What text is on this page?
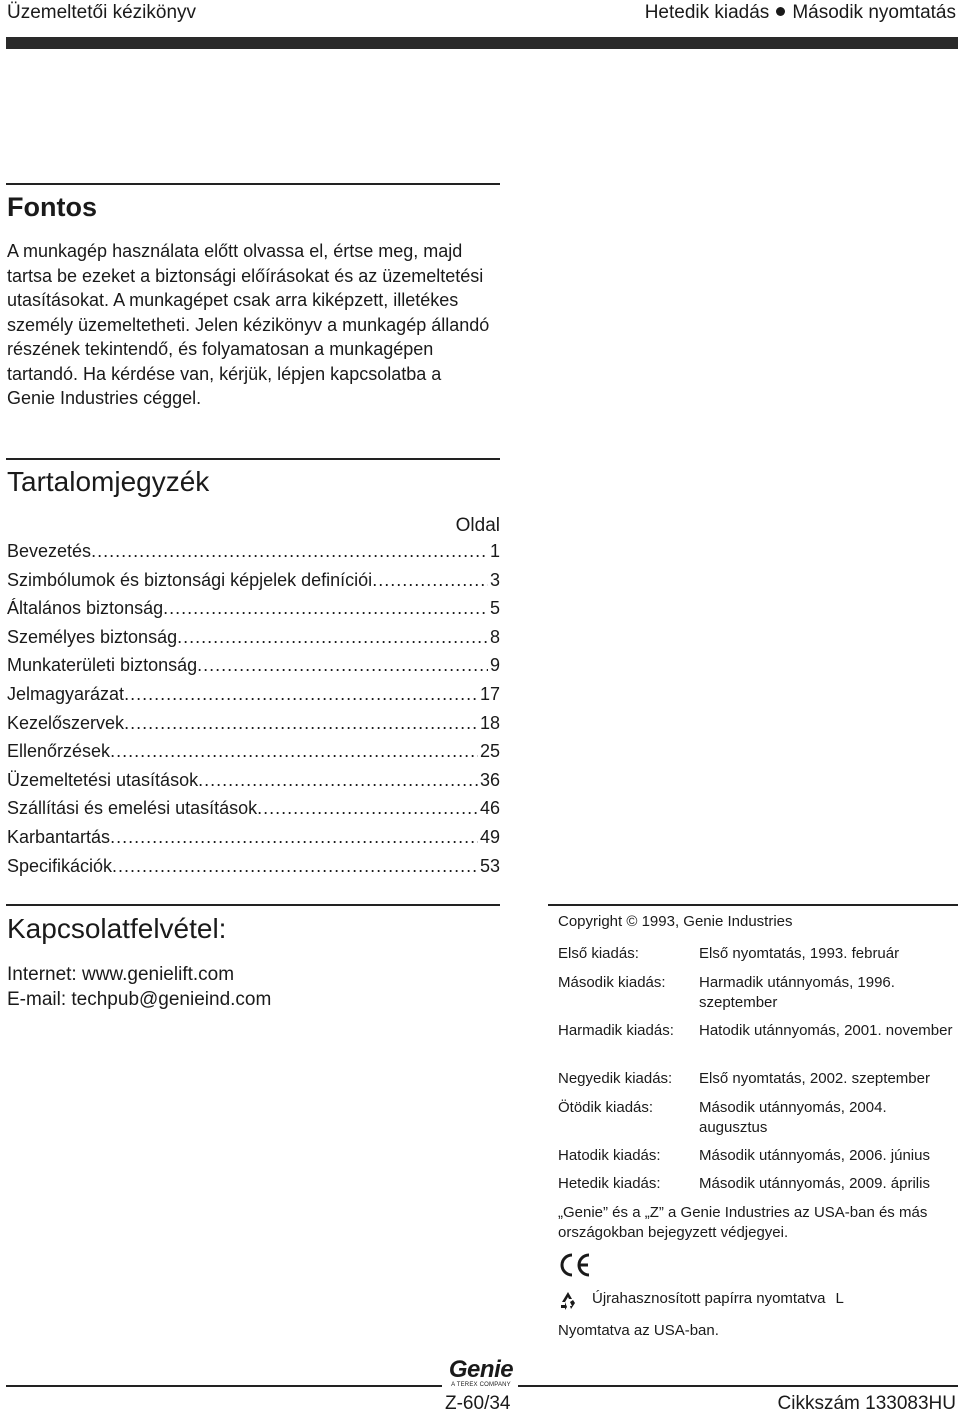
Üzemeltetői kézikönyv	Hetedik kiadás Második nyomtatás
Fontos

A munkagép használata előtt olvassa el, értse meg, majd tartsa be ezeket a biztonsági előírásokat és az üzemeltetési utasításokat. A munkagépet csak arra kiképzett, illetékes személy üzemeltetheti. Jelen kézikönyv a munkagép állandó részének tekintendő, és folyamatosan a munkagépen tartandó. Ha kérdése van, kérjük, lépjen kapcsolatba a Genie Industries céggel.

Tartalomjegyzék
Oldal
Bevezetés .....	1
Szimbólumok és biztonsági képjelek definíciói .....	3
Általános biztonság .....	5
Személyes biztonság .....	8
Munkaterületi biztonság .....	9
Jelmagyarázat .....	17
Kezelőszervek .....	18
Ellenőrzések .....	25
Üzemeltetési utasítások .....	36
Szállítási és emelési utasítások .....	46
Karbantartás .....	49
Specifikációk .....	53
Kapcsolatfelvétel:
Internet: www.genielift.com
E-mail: techpub@genieind.com
Copyright © 1993, Genie Industries
Első kiadás:	Első nyomtatás, 1993. február
Második kiadás: Harmadik utánnyomás, 1996. szeptember
Harmadik kiadás: Hatodik utánnyomás, 2001. november
Negyedik kiadás: Első nyomtatás, 2002. szeptember
Ötödik kiadás:	Második utánnyomás, 2004. augusztus
Hatodik kiadás:	Második utánnyomás, 2006. június
Hetedik kiadás:	Második utánnyomás, 2009. április
„Genie” és a „Z” a Genie Industries az USA-ban és más országokban bejegyzett védjegyei.
Újrahasznosított papírra nyomtatva L
Nyomtatva az USA-ban.
Genie
A TEREX COMPANY
Z-60/34	Cikkszám 133083HU
